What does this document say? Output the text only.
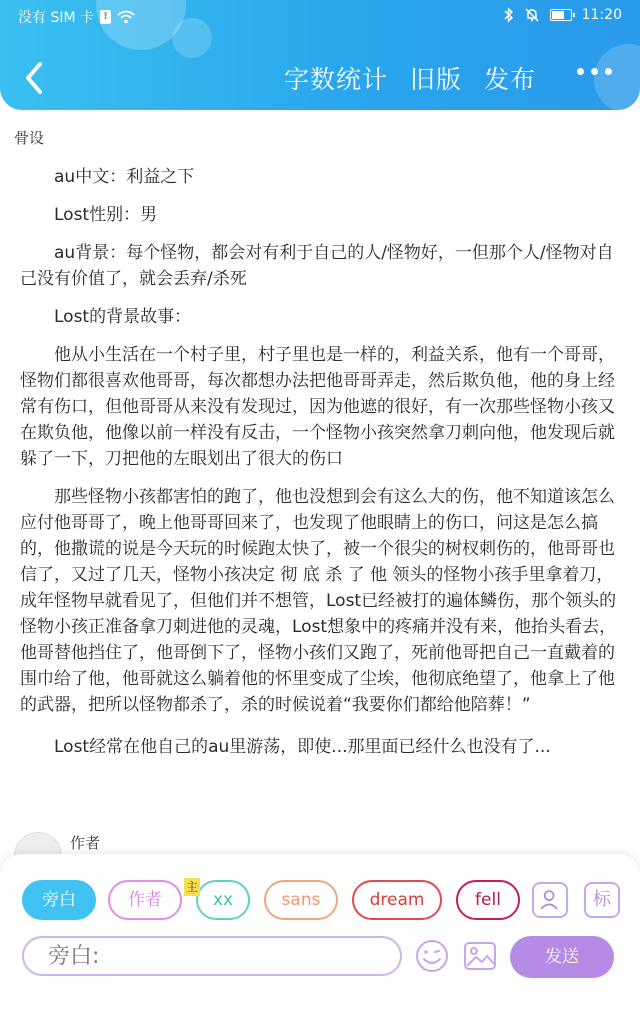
没有 SIM 卡 !	11:20
字数统计 旧版 发布
骨设

au中文：利益之下

Lost性别：男

au背景：每个怪物，都会对有利于自己的人/怪物好，一但那个人/怪物对自己没有价值了，就会丢弃/杀死

Lost的背景故事：

他从小生活在一个村子里，村子里也是一样的，利益关系，他有一个哥哥，怪物们都很喜欢他哥哥，每次都想办法把他哥哥弄走，然后欺负他，他的身上经常有伤口，但他哥哥从来没有发现过，因为他遮的很好，有一次那些怪物小孩又在欺负他，他像以前一样没有反击，一个怪物小孩突然拿刀刺向他，他发现后就躲了一下，刀把他的左眼划出了很大的伤口

那些怪物小孩都害怕的跑了，他也没想到会有这么大的伤，他不知道该怎么应付他哥哥了，晚上他哥哥回来了，也发现了他眼睛上的伤口，问这是怎么搞的，他撒谎的说是今天玩的时候跑太快了，被一个很尖的树杈刺伤的，他哥哥也信了，又过了几天，怪物小孩决定 彻 底 杀 了 他 领头的怪物小孩手里拿着刀，成年怪物早就看见了，但他们并不想管，Lost已经被打的遍体鳞伤，那个领头的怪物小孩正准备拿刀刺进他的灵魂，Lost想象中的疼痛并没有来，他抬头看去，他哥替他挡住了，他哥倒下了，怪物小孩们又跑了，死前他哥把自己一直戴着的围巾给了他，他哥就这么躺着他的怀里变成了尘埃，他彻底绝望了，他拿上了他的武器，把所以怪物都杀了，杀的时候说着“我要你们都给他陪葬！”

Lost经常在他自己的au里游荡，即使...那里面已经什么也没有了...

作者
旁白	作者	xx
主
sans	dream	fell	标
旁白:
发送
